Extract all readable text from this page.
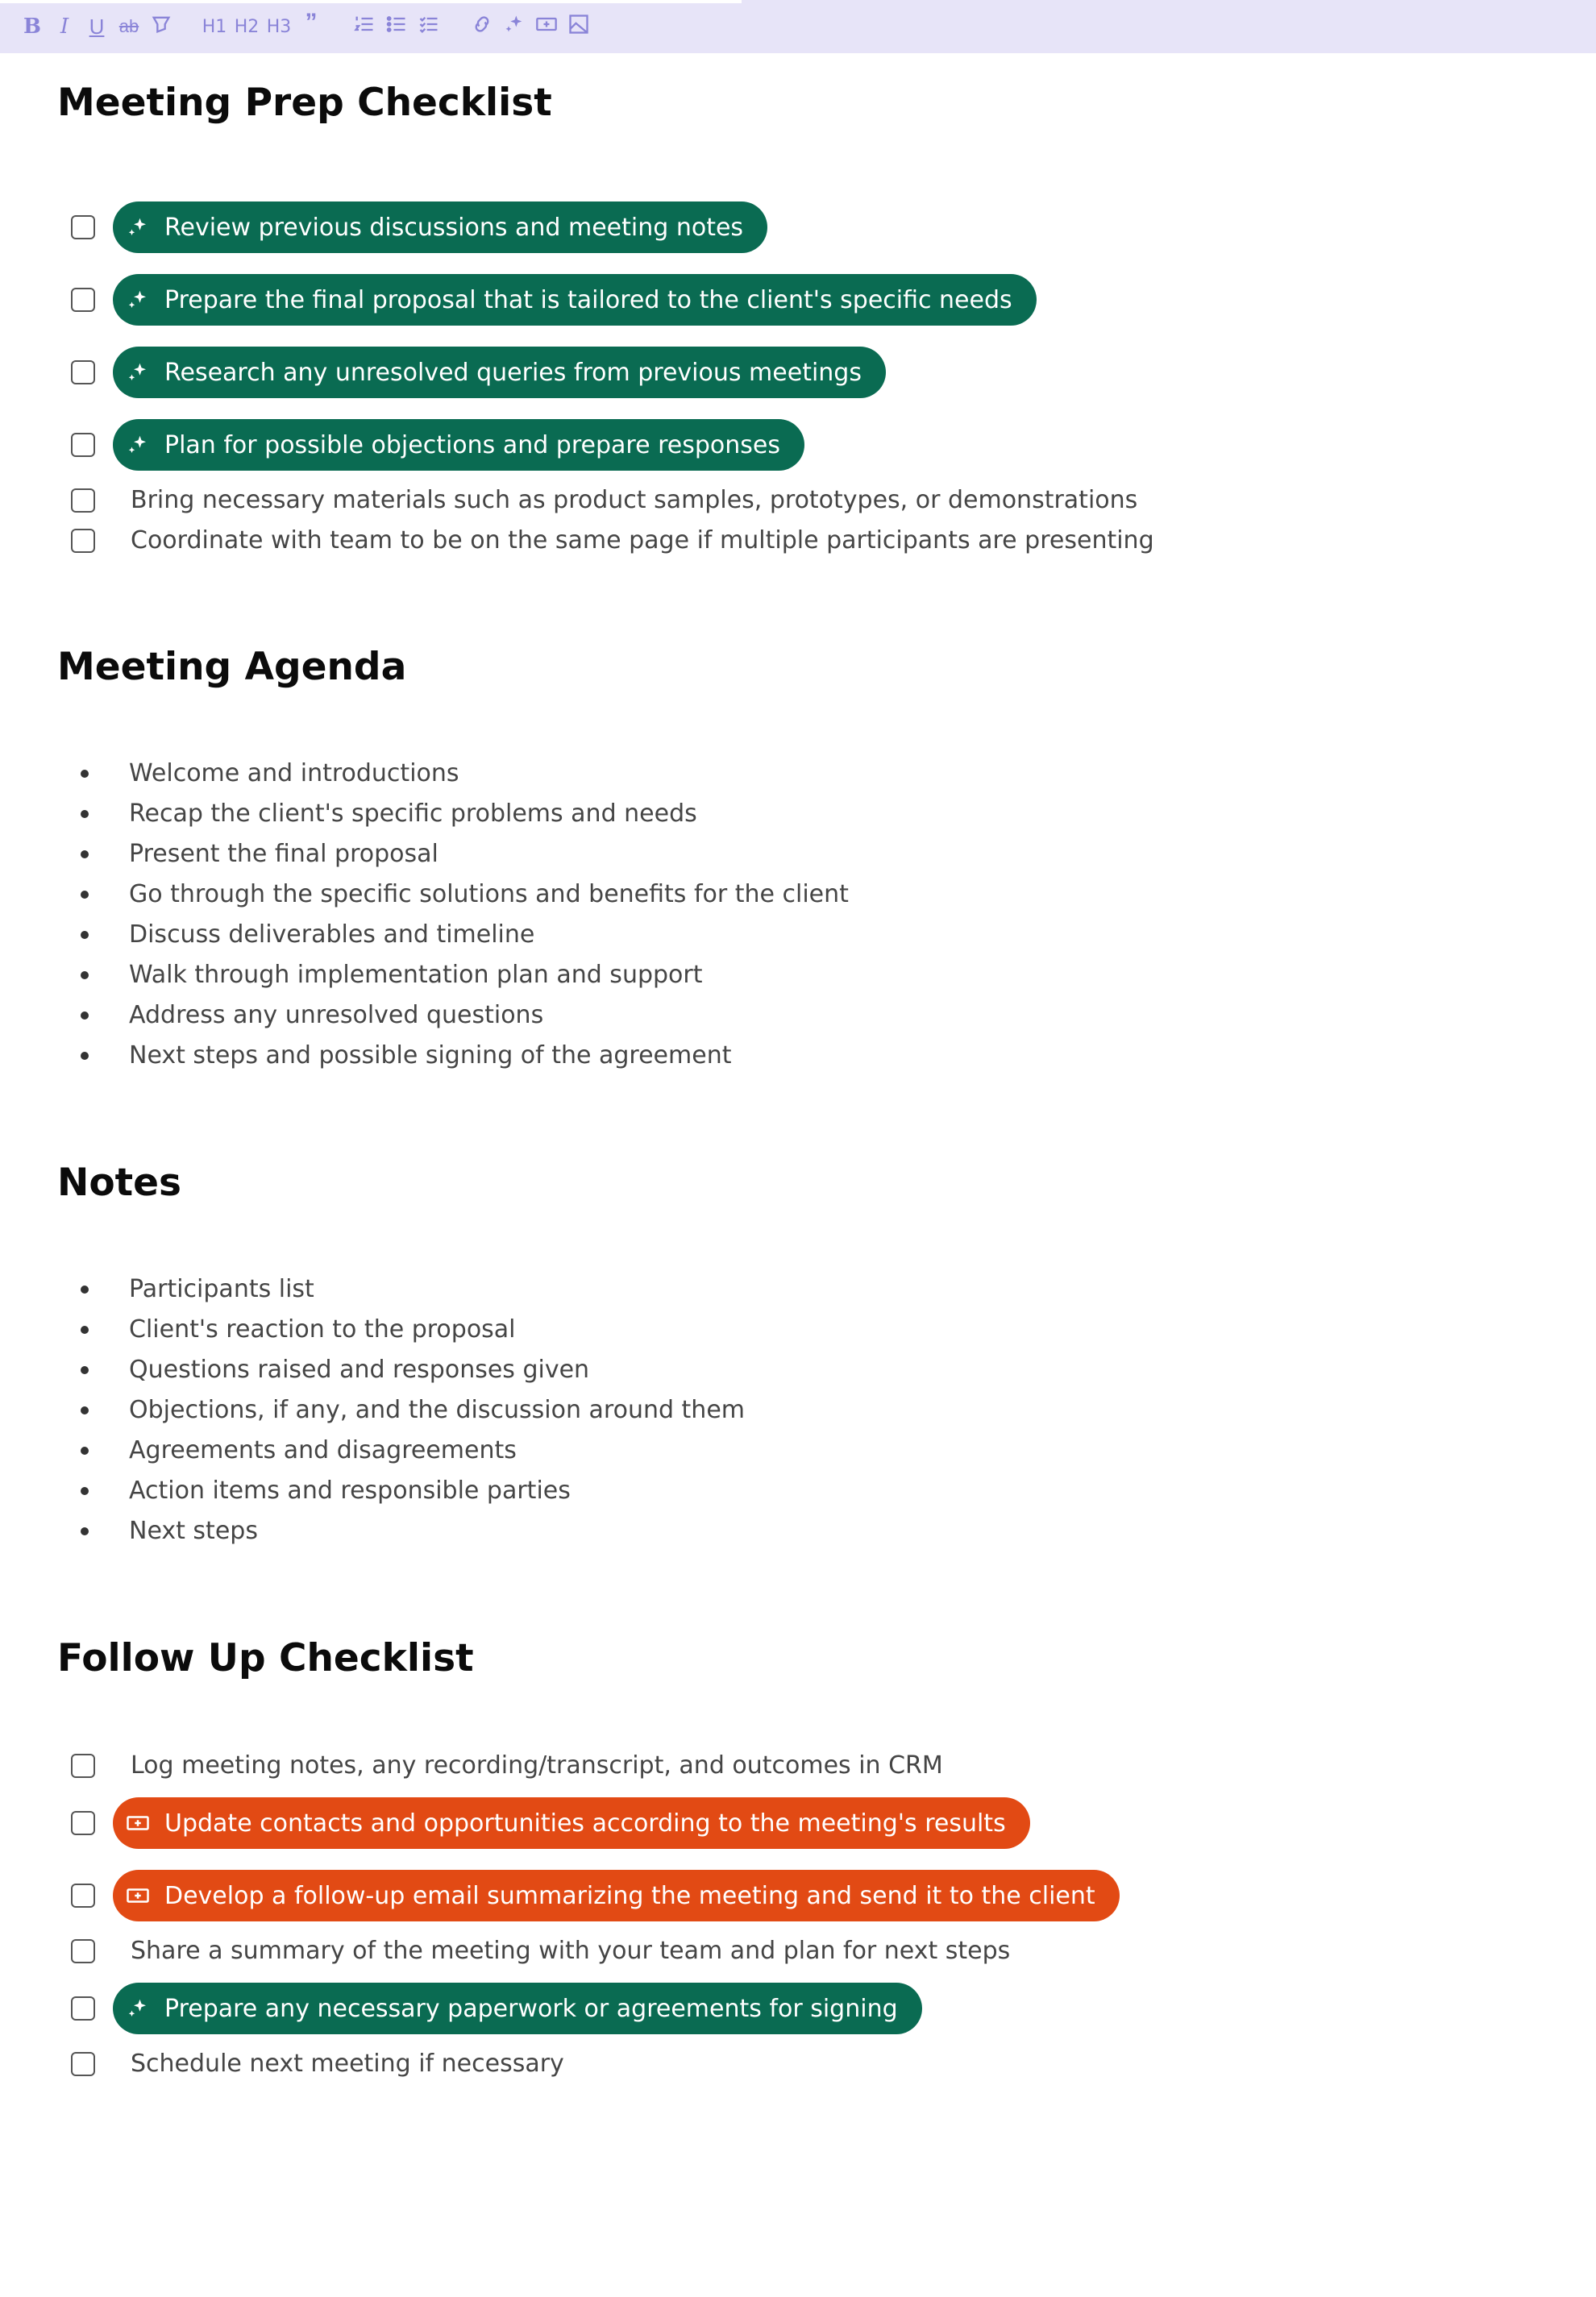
B I U ab	H1 H2 H3 ”
Meeting Prep Checklist
Review previous discussions and meeting notes
Prepare the final proposal that is tailored to the client's specific needs
Research any unresolved queries from previous meetings
Plan for possible objections and prepare responses
Bring necessary materials such as product samples, prototypes, or demonstrations
Coordinate with team to be on the same page if multiple participants are presenting
Meeting Agenda
Welcome and introductions
Recap the client's specific problems and needs
Present the final proposal
Go through the specific solutions and benefits for the client
Discuss deliverables and timeline
Walk through implementation plan and support
Address any unresolved questions
Next steps and possible signing of the agreement
Notes
Participants list
Client's reaction to the proposal
Questions raised and responses given
Objections, if any, and the discussion around them
Agreements and disagreements
Action items and responsible parties
Next steps
Follow Up Checklist
Log meeting notes, any recording/transcript, and outcomes in CRM
Update contacts and opportunities according to the meeting's results
Develop a follow-up email summarizing the meeting and send it to the client
Share a summary of the meeting with your team and plan for next steps
Prepare any necessary paperwork or agreements for signing
Schedule next meeting if necessary
